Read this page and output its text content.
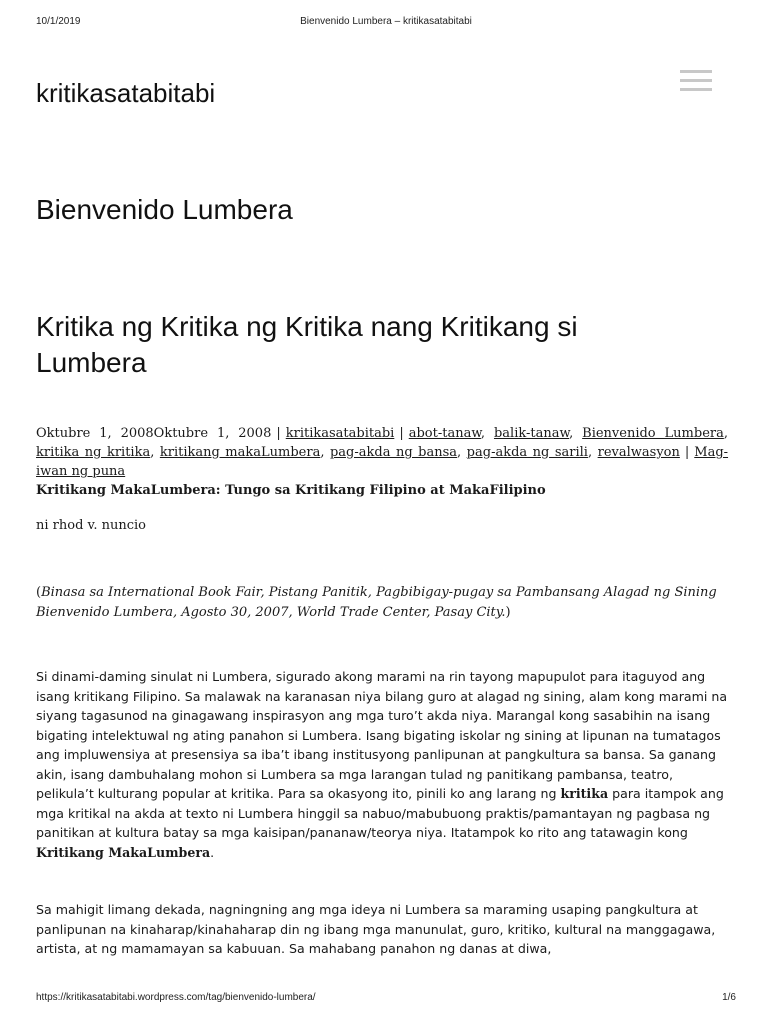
10/1/2019	Bienvenido Lumbera – kritikasatabitabi
kritikasatabitabi
Bienvenido Lumbera
Kritika ng Kritika ng Kritika nang Kritikang si Lumbera
Oktubre 1, 2008Oktubre 1, 2008 | kritikasatabitabi | abot-tanaw, balik-tanaw, Bienvenido Lumbera, kritika ng kritika, kritikang makaLumbera, pag-akda ng bansa, pag-akda ng sarili, revalwasyon | Mag-iwan ng puna
Kritikang MakaLumbera: Tungo sa Kritikang Filipino at MakaFilipino
ni rhod v. nuncio
(Binasa sa International Book Fair, Pistang Panitik, Pagbibigay-pugay sa Pambansang Alagad ng Sining Bienvenido Lumbera, Agosto 30, 2007, World Trade Center, Pasay City.)
Si dinami-daming sinulat ni Lumbera, sigurado akong marami na rin tayong mapupulot para itaguyod ang isang kritikang Filipino. Sa malawak na karanasan niya bilang guro at alagad ng sining, alam kong marami na siyang tagasunod na ginagawang inspirasyon ang mga turo’t akda niya. Marangal kong sasabihin na isang bigating intelektuwal ng ating panahon si Lumbera. Isang bigating iskolar ng sining at lipunan na tumatagos ang impluwensiya at presensiya sa iba’t ibang institusyong panlipunan at pangkultura sa bansa. Sa ganang akin, isang dambuhalang mohon si Lumbera sa mga larangan tulad ng panitikang pambansa, teatro, pelikula’t kulturang popular at kritika. Para sa okasyong ito, pinili ko ang larang ng kritika para itampok ang mga kritikal na akda at texto ni Lumbera hinggil sa nabuo/mabubuong praktis/pamantayan ng pagbasa ng panitikan at kultura batay sa mga kaisipan/pananaw/teorya niya. Itatampok ko rito ang tatawagin kong Kritikang MakaLumbera.
Sa mahigit limang dekada, nagningning ang mga ideya ni Lumbera sa maraming usaping pangkultura at panlipunan na kinaharap/kinahaharap din ng ibang mga manunulat, guro, kritiko, kultural na manggagawa, artista, at ng mamamayan sa kabuuan. Sa mahabang panahon ng danas at diwa,
https://kritikasatabitabi.wordpress.com/tag/bienvenido-lumbera/	1/6
